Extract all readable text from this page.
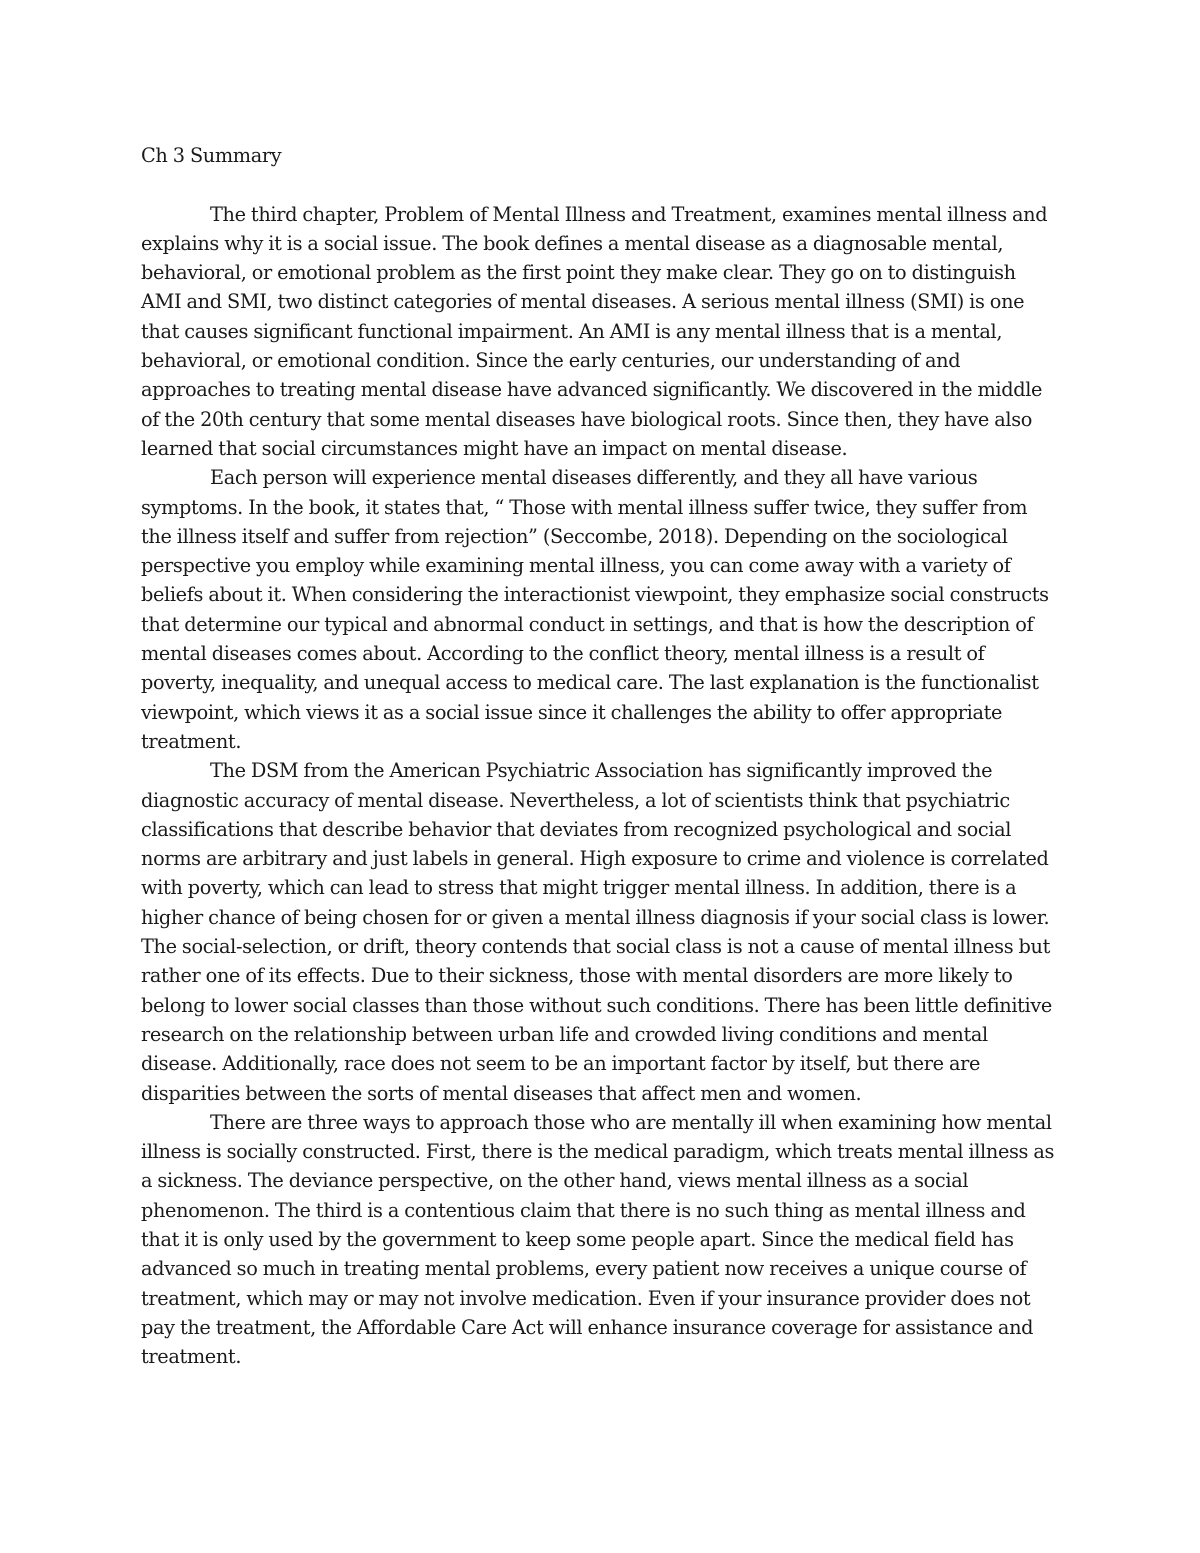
Ch 3 Summary

The third chapter, Problem of Mental Illness and Treatment, examines mental illness and explains why it is a social issue. The book defines a mental disease as a diagnosable mental, behavioral, or emotional problem as the first point they make clear. They go on to distinguish AMI and SMI, two distinct categories of mental diseases. A serious mental illness (SMI) is one that causes significant functional impairment. An AMI is any mental illness that is a mental, behavioral, or emotional condition. Since the early centuries, our understanding of and approaches to treating mental disease have advanced significantly. We discovered in the middle of the 20th century that some mental diseases have biological roots. Since then, they have also learned that social circumstances might have an impact on mental disease.

Each person will experience mental diseases differently, and they all have various symptoms. In the book, it states that, “ Those with mental illness suffer twice, they suffer from the illness itself and suffer from rejection” (Seccombe, 2018). Depending on the sociological perspective you employ while examining mental illness, you can come away with a variety of beliefs about it. When considering the interactionist viewpoint, they emphasize social constructs that determine our typical and abnormal conduct in settings, and that is how the description of mental diseases comes about. According to the conflict theory, mental illness is a result of poverty, inequality, and unequal access to medical care. The last explanation is the functionalist viewpoint, which views it as a social issue since it challenges the ability to offer appropriate treatment.

The DSM from the American Psychiatric Association has significantly improved the diagnostic accuracy of mental disease. Nevertheless, a lot of scientists think that psychiatric classifications that describe behavior that deviates from recognized psychological and social norms are arbitrary and just labels in general. High exposure to crime and violence is correlated with poverty, which can lead to stress that might trigger mental illness. In addition, there is a higher chance of being chosen for or given a mental illness diagnosis if your social class is lower. The social-selection, or drift, theory contends that social class is not a cause of mental illness but rather one of its effects. Due to their sickness, those with mental disorders are more likely to belong to lower social classes than those without such conditions. There has been little definitive research on the relationship between urban life and crowded living conditions and mental disease. Additionally, race does not seem to be an important factor by itself, but there are disparities between the sorts of mental diseases that affect men and women.

There are three ways to approach those who are mentally ill when examining how mental illness is socially constructed. First, there is the medical paradigm, which treats mental illness as a sickness. The deviance perspective, on the other hand, views mental illness as a social phenomenon. The third is a contentious claim that there is no such thing as mental illness and that it is only used by the government to keep some people apart. Since the medical field has advanced so much in treating mental problems, every patient now receives a unique course of treatment, which may or may not involve medication. Even if your insurance provider does not pay the treatment, the Affordable Care Act will enhance insurance coverage for assistance and treatment.
